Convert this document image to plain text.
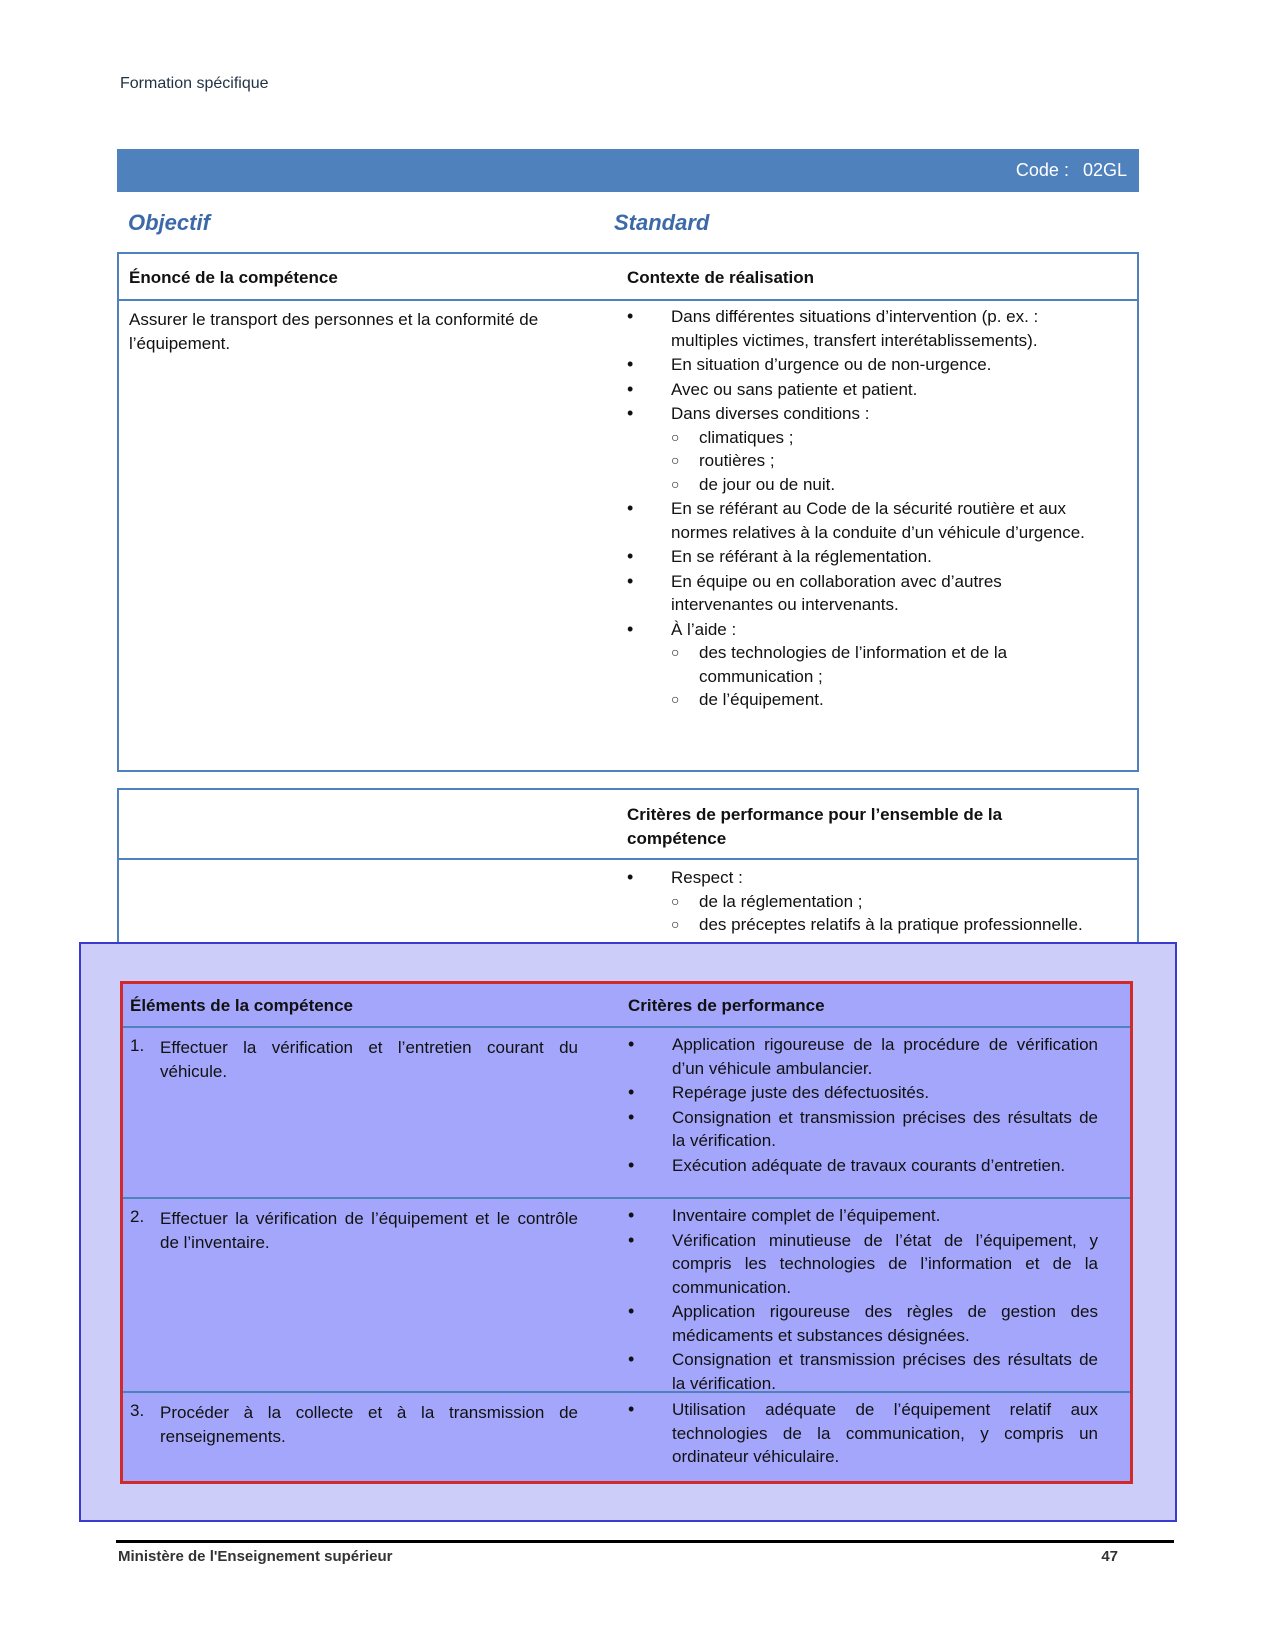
Formation spécifique
Code : 02GL
Objectif	Standard
Énoncé de la compétence	Contexte de réalisation
Assurer le transport des personnes et la conformité de l’équipement.
• Dans différentes situations d’intervention (p. ex. : multiples victimes, transfert interétablissements).
• En situation d’urgence ou de non-urgence.
• Avec ou sans patiente et patient.
• Dans diverses conditions :
○ climatiques ;
○ routières ;
○ de jour ou de nuit.
• En se référant au Code de la sécurité routière et aux normes relatives à la conduite d’un véhicule d’urgence.
• En se référant à la réglementation.
• En équipe ou en collaboration avec d’autres intervenantes ou intervenants.
• À l’aide :
○ des technologies de l’information et de la communication ;
○ de l’équipement.
Critères de performance pour l’ensemble de la compétence
• Respect :
○ de la réglementation ;
○ des préceptes relatifs à la pratique professionnelle.
Éléments de la compétence	Critères de performance
1. Effectuer la vérification et l’entretien courant du véhicule.
• Application rigoureuse de la procédure de vérification d’un véhicule ambulancier.
• Repérage juste des défectuosités.
• Consignation et transmission précises des résultats de la vérification.
• Exécution adéquate de travaux courants d’entretien.
2. Effectuer la vérification de l’équipement et le contrôle de l’inventaire.
• Inventaire complet de l’équipement.
• Vérification minutieuse de l’état de l’équipement, y compris les technologies de l’information et de la communication.
• Application rigoureuse des règles de gestion des médicaments et substances désignées.
• Consignation et transmission précises des résultats de la vérification.
3. Procéder à la collecte et à la transmission de renseignements.
• Utilisation adéquate de l’équipement relatif aux technologies de la communication, y compris un ordinateur véhiculaire.
Ministère de l'Enseignement supérieur	47
